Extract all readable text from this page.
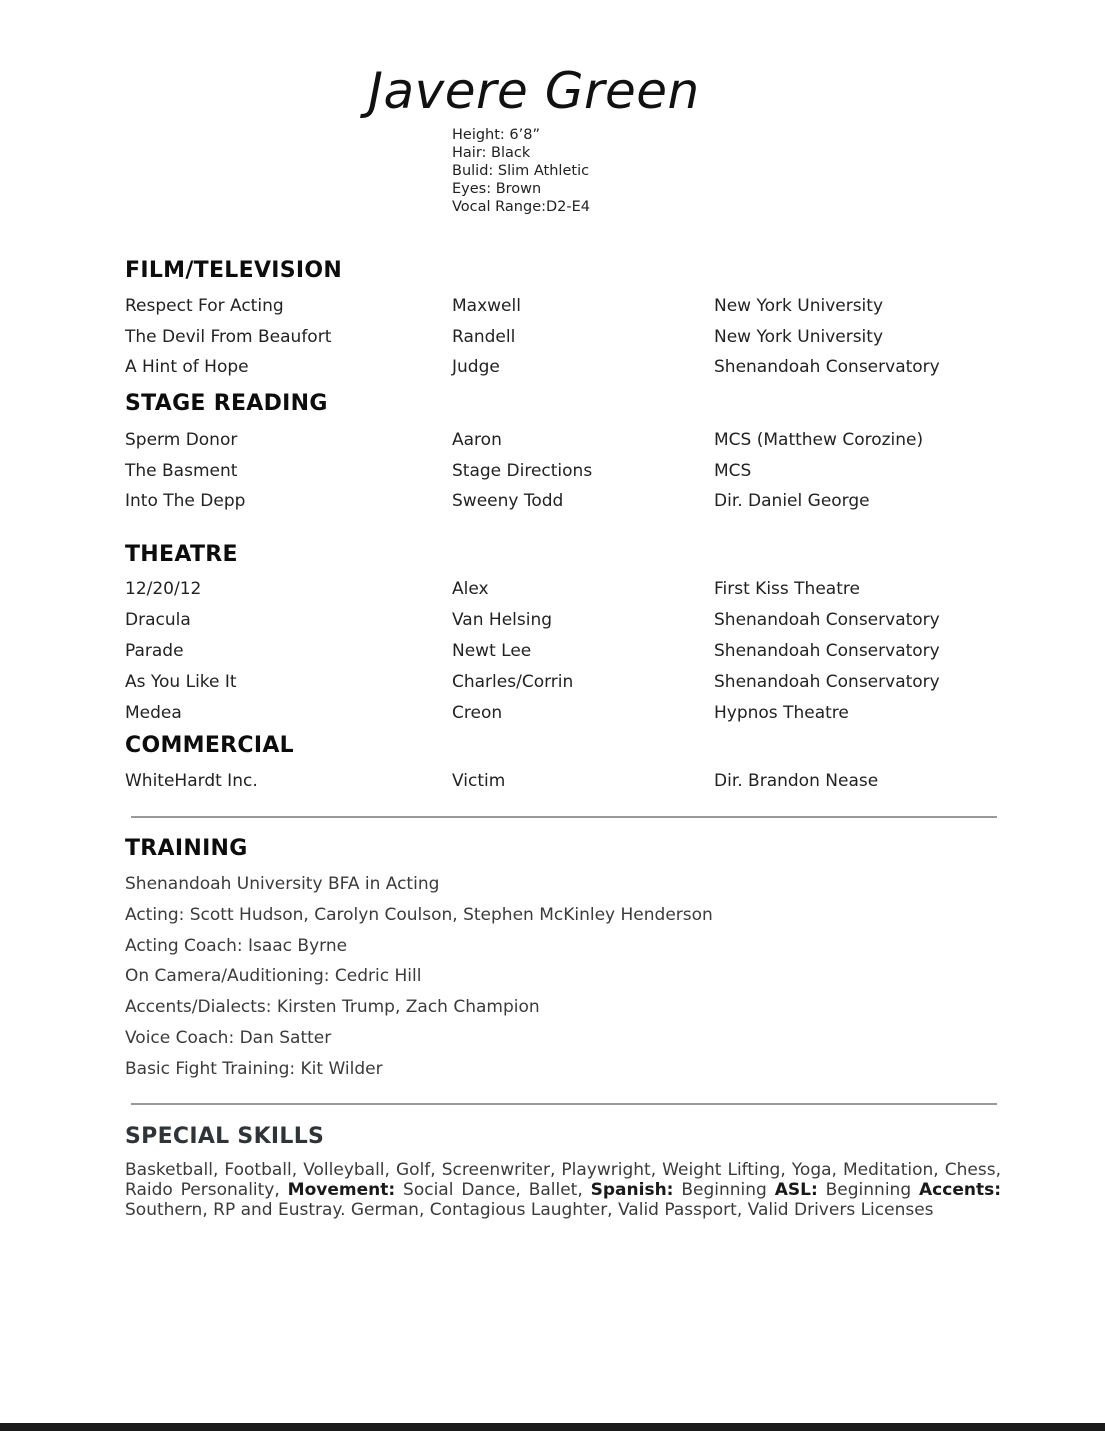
Javere Green
Height: 6’8”
Hair: Black
Bulid: Slim Athletic
Eyes: Brown
Vocal Range:D2-E4
FILM/TELEVISION
Respect For Acting	Maxwell	New York University
The Devil From Beaufort	Randell	New York University
A Hint of Hope	Judge	Shenandoah Conservatory
STAGE READING
Sperm Donor	Aaron	MCS (Matthew Corozine)
The Basment	Stage Directions	MCS
Into The Depp	Sweeny Todd	Dir. Daniel George
THEATRE
12/20/12	Alex	First Kiss Theatre
Dracula	Van Helsing	Shenandoah Conservatory
Parade	Newt Lee	Shenandoah Conservatory
As You Like It	Charles/Corrin	Shenandoah Conservatory
Medea	Creon	Hypnos Theatre
COMMERCIAL
WhiteHardt Inc.	Victim	Dir. Brandon Nease
TRAINING
Shenandoah University BFA in Acting
Acting: Scott Hudson, Carolyn Coulson, Stephen McKinley Henderson
Acting Coach: Isaac Byrne
On Camera/Auditioning: Cedric Hill
Accents/Dialects: Kirsten Trump, Zach Champion
Voice Coach: Dan Satter
Basic Fight Training: Kit Wilder
SPECIAL SKILLS
Basketball, Football, Volleyball, Golf, Screenwriter, Playwright, Weight Lifting, Yoga, Meditation, Chess, Raido Personality, Movement: Social Dance, Ballet, Spanish: Beginning ASL: Beginning Accents: Southern, RP and Eustray. German, Contagious Laughter, Valid Passport, Valid Drivers Licenses
